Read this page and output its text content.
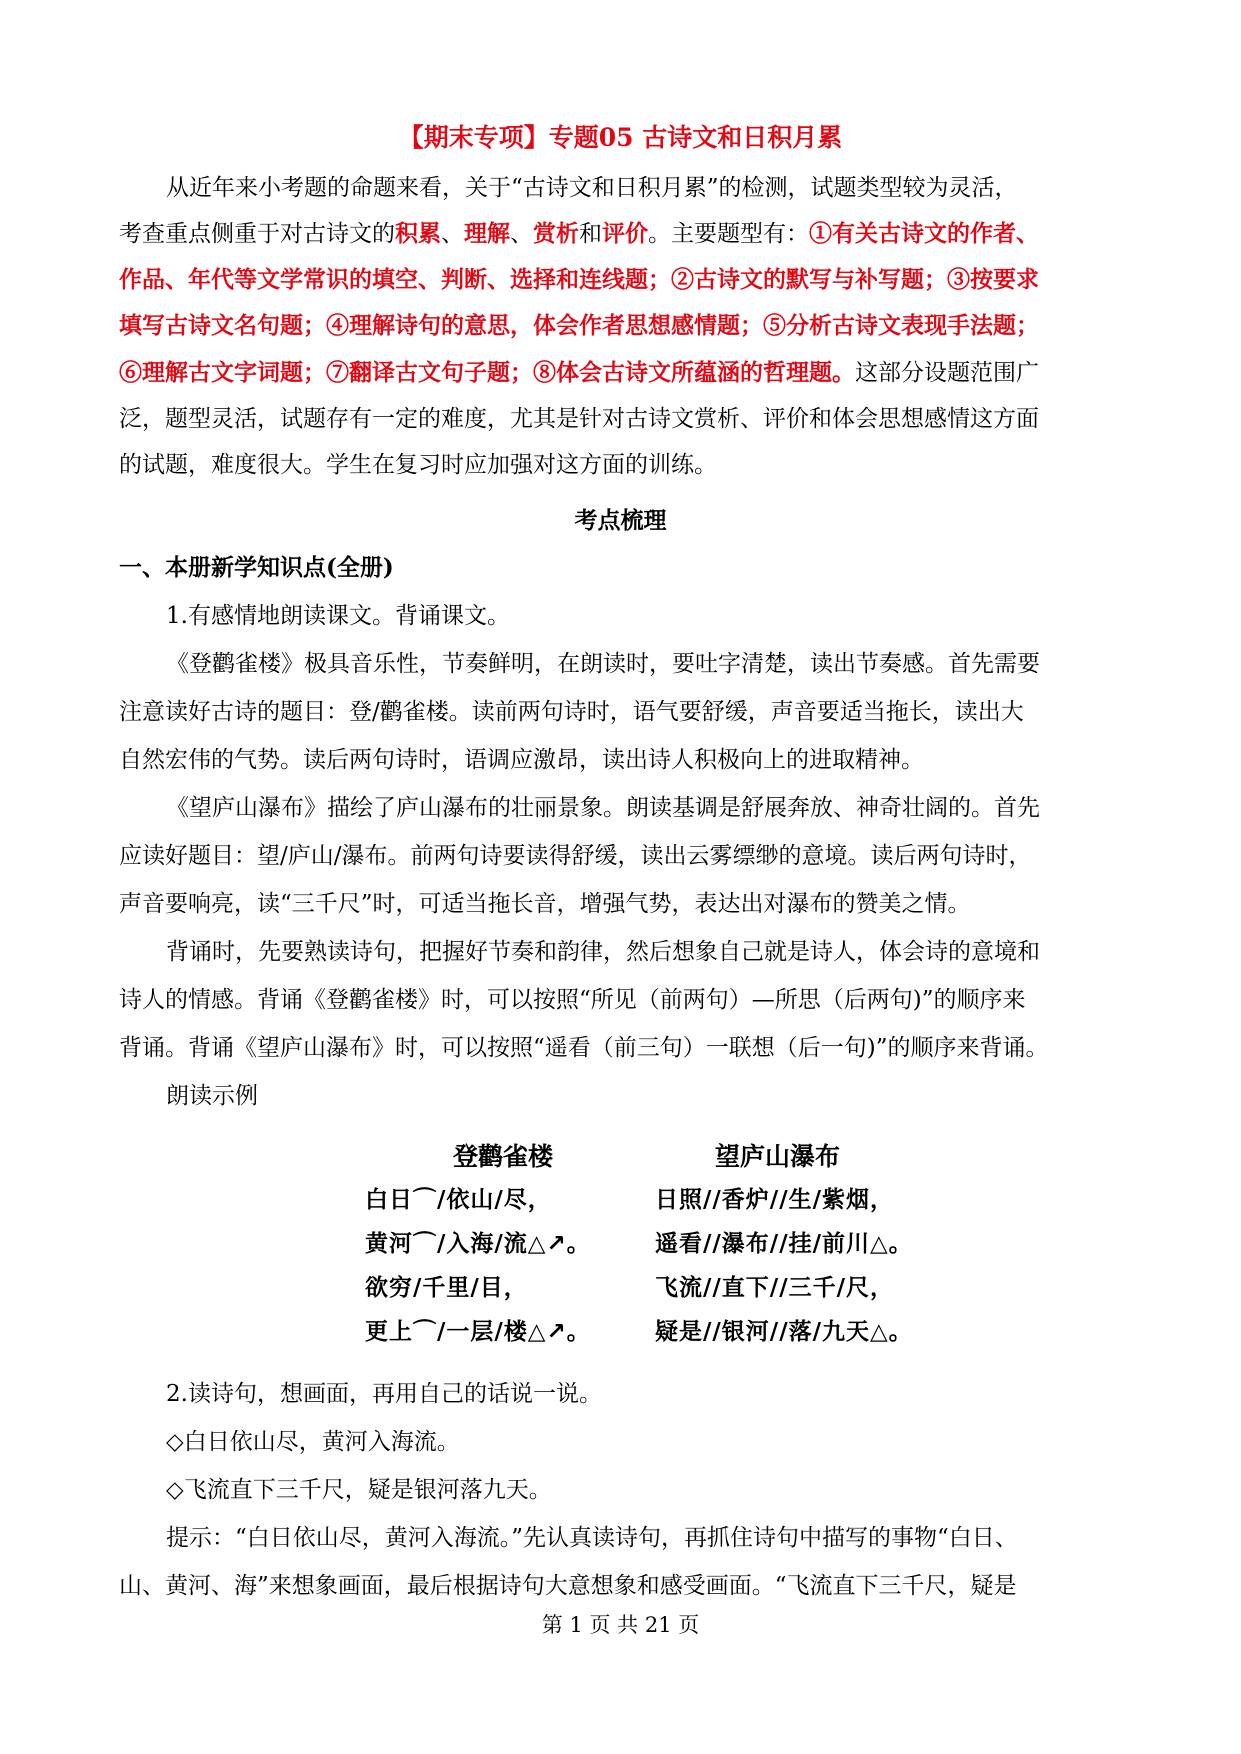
【期末专项】专题05 古诗文和日积月累
从近年来小考题的命题来看，关于“古诗文和日积月累”的检测，试题类型较为灵活，
考查重点侧重于对古诗文的积累、理解、赏析和评价。主要题型有：①有关古诗文的作者、
作品、年代等文学常识的填空、判断、选择和连线题；②古诗文的默写与补写题；③按要求
填写古诗文名句题；④理解诗句的意思，体会作者思想感情题；⑤分析古诗文表现手法题；
⑥理解古文字词题；⑦翻译古文句子题；⑧体会古诗文所蕴涵的哲理题。这部分设题范围广
泛，题型灵活，试题存有一定的难度，尤其是针对古诗文赏析、评价和体会思想感情这方面
的试题，难度很大。学生在复习时应加强对这方面的训练。
考点梳理
一、本册新学知识点(全册)
1.有感情地朗读课文。背诵课文。
《登鹳雀楼》极具音乐性，节奏鲜明，在朗读时，要吐字清楚，读出节奏感。首先需要
注意读好古诗的题目：登/鹳雀楼。读前两句诗时，语气要舒缓，声音要适当拖长，读出大
自然宏伟的气势。读后两句诗时，语调应激昂，读出诗人积极向上的进取精神。
《望庐山瀑布》描绘了庐山瀑布的壮丽景象。朗读基调是舒展奔放、神奇壮阔的。首先
应读好题目：望/庐山/瀑布。前两句诗要读得舒缓，读出云雾缥缈的意境。读后两句诗时，
声音要响亮，读“三千尺”时，可适当拖长音，增强气势，表达出对瀑布的赞美之情。
背诵时，先要熟读诗句，把握好节奏和韵律，然后想象自己就是诗人，体会诗的意境和
诗人的情感。背诵《登鹳雀楼》时，可以按照“所见（前两句）—所思（后两句)”的顺序来
背诵。背诵《望庐山瀑布》时，可以按照“遥看（前三句）一联想（后一句)”的顺序来背诵。
朗读示例
登鹳雀楼
白日⌒/依山/尽，
黄河⌒/入海/流△↗。
欲穷/千里/目，
更上⌒/一层/楼△↗。
望庐山瀑布
日照//香炉//生/紫烟，
遥看//瀑布//挂/前川△。
飞流//直下//三千/尺，
疑是//银河//落/九天△。
2.读诗句，想画面，再用自己的话说一说。
◇白日依山尽，黄河入海流。
◇飞流直下三千尺，疑是银河落九天。
提示：“白日依山尽，黄河入海流。”先认真读诗句，再抓住诗句中描写的事物“白日、
山、黄河、海”来想象画面，最后根据诗句大意想象和感受画面。“飞流直下三千尺，疑是
第 1 页 共 21 页
